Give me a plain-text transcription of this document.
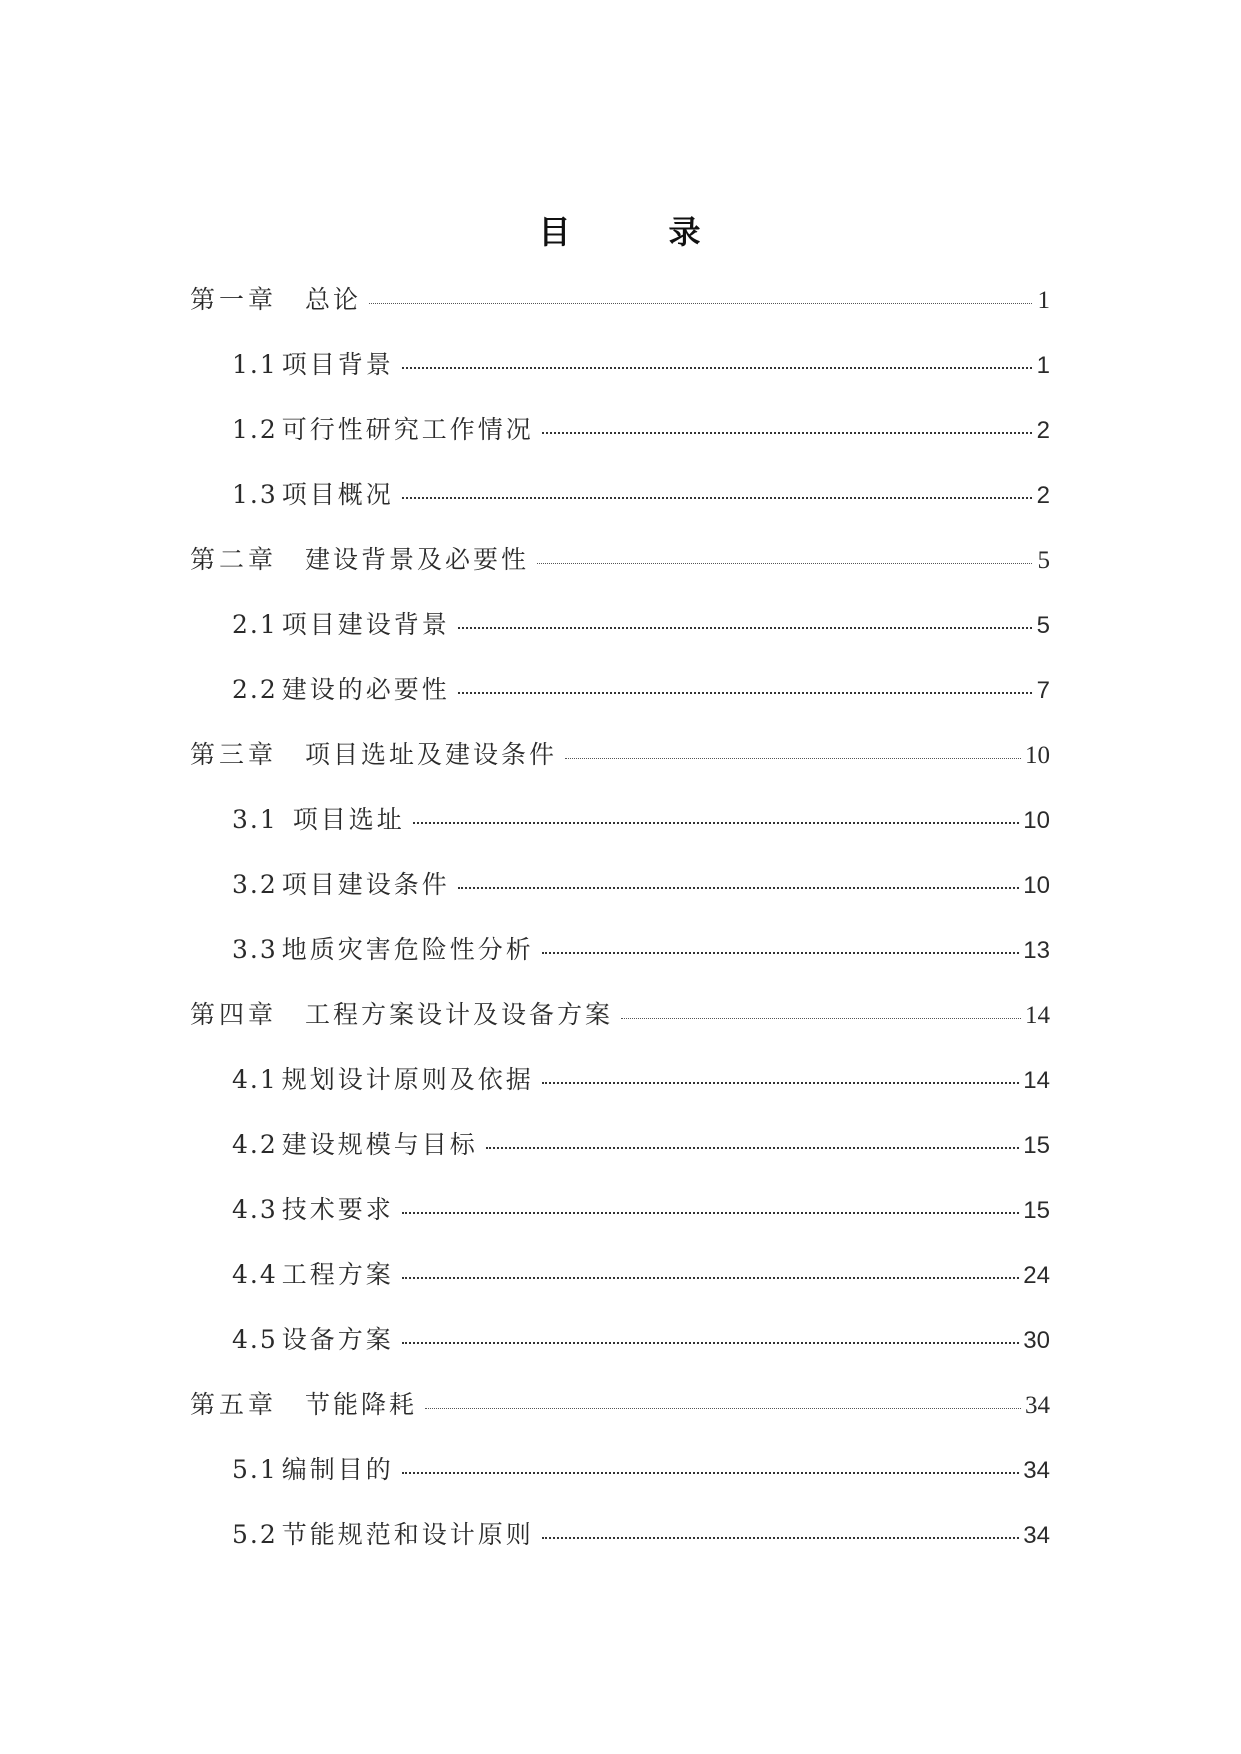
目	录
第一章 总论	1
1.1 项目背景	1
1.2 可行性研究工作情况	2
1.3 项目概况	2
第二章 建设背景及必要性	5
2.1 项目建设背景	5
2.2 建设的必要性	7
第三章 项目选址及建设条件	10
3.1 项目选址	10
3.2 项目建设条件	10
3.3 地质灾害危险性分析	13
第四章 工程方案设计及设备方案	14
4.1 规划设计原则及依据	14
4.2 建设规模与目标	15
4.3 技术要求	15
4.4 工程方案	24
4.5 设备方案	30
第五章 节能降耗	34
5.1 编制目的	34
5.2 节能规范和设计原则	34
